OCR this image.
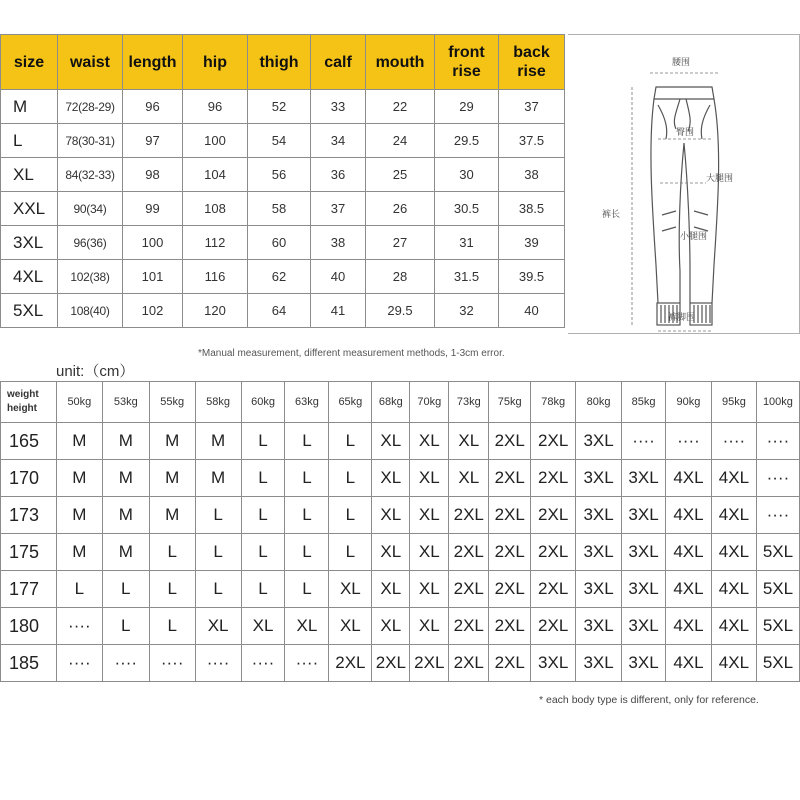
size	waist	length	hip	thigh	calf	mouth	front rise	back rise
M	72(28-29)	96	96	52	33	22	29	37
L	78(30-31)	97	100	54	34	24	29.5	37.5
XL	84(32-33)	98	104	56	36	25	30	38
XXL	90(34)	99	108	58	37	26	30.5	38.5
3XL	96(36)	100	112	60	38	27	31	39
4XL	102(38)	101	116	62	40	28	31.5	39.5
5XL	108(40)	102	120	64	41	29.5	32	40
腰围
裤长
臀围
大腿围
小腿围
裤脚围
*Manual measurement, different measurement methods, 1-3cm error.
unit:（cm）
weight
height	50kg	53kg	55kg	58kg	60kg	63kg	65kg	68kg	70kg	73kg	75kg	78kg	80kg	85kg	90kg	95kg	100kg
165	M	M	M	M	L	L	L	XL	XL	XL	2XL	2XL	3XL	····	····	····	····
170	M	M	M	M	L	L	L	XL	XL	XL	2XL	2XL	3XL	3XL	4XL	4XL	····
173	M	M	M	L	L	L	L	XL	XL	2XL	2XL	2XL	3XL	3XL	4XL	4XL	····
175	M	M	L	L	L	L	L	XL	XL	2XL	2XL	2XL	3XL	3XL	4XL	4XL	5XL
177	L	L	L	L	L	L	XL	XL	XL	2XL	2XL	2XL	3XL	3XL	4XL	4XL	5XL
180	····	L	L	XL	XL	XL	XL	XL	XL	2XL	2XL	2XL	3XL	3XL	4XL	4XL	5XL
185	····	····	····	····	····	····	2XL	2XL	2XL	2XL	2XL	3XL	3XL	3XL	4XL	4XL	5XL
* each body type is different, only for reference.
